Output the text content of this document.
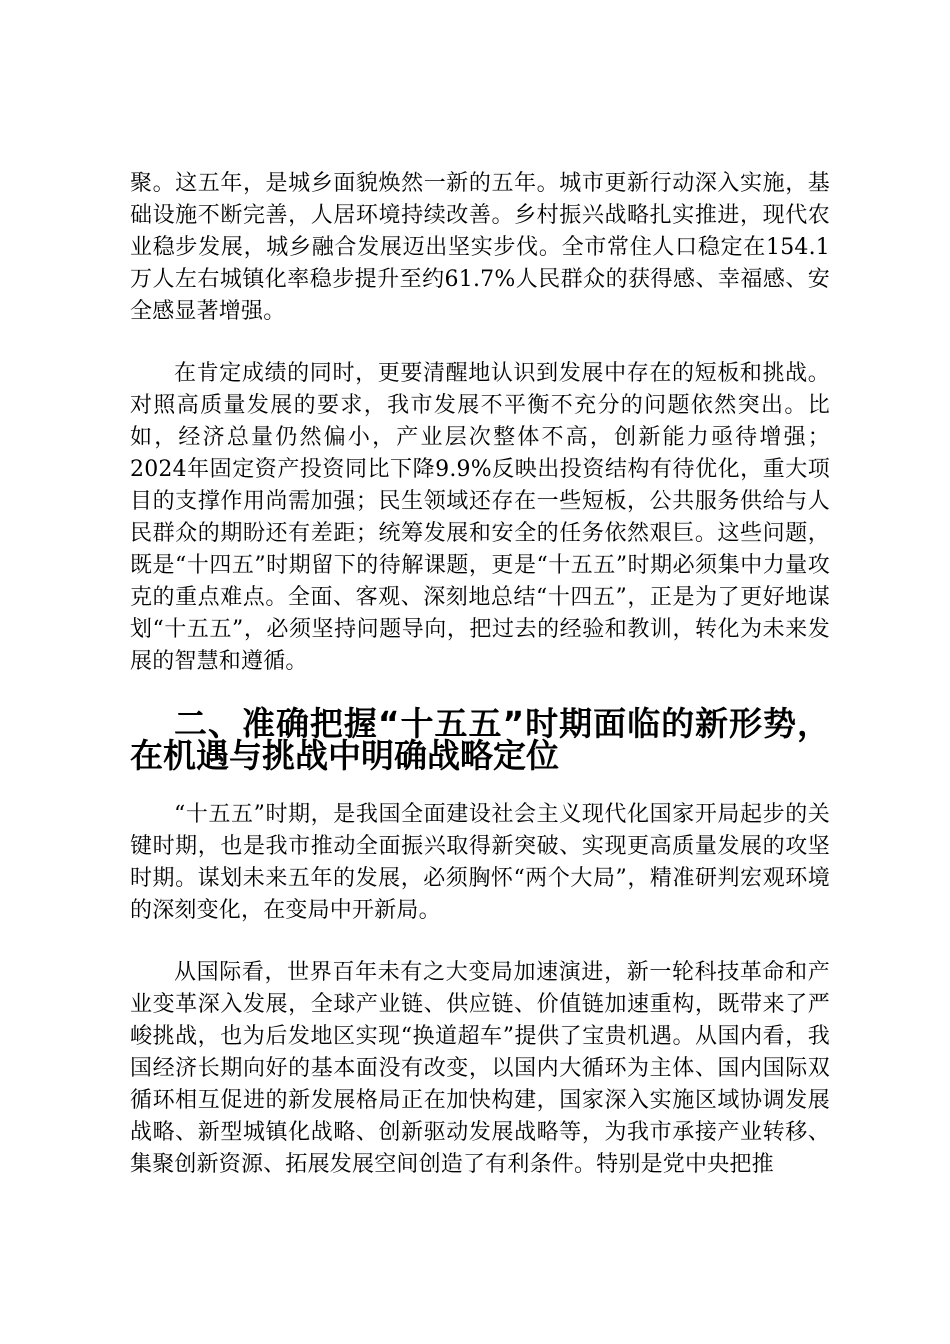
聚。这五年，是城乡面貌焕然一新的五年。城市更新行动深入实施，基础设施不断完善，人居环境持续改善。乡村振兴战略扎实推进，现代农业稳步发展，城乡融合发展迈出坚实步伐。全市常住人口稳定在154.1万人左右城镇化率稳步提升至约61.7%人民群众的获得感、幸福感、安全感显著增强。

在肯定成绩的同时，更要清醒地认识到发展中存在的短板和挑战。对照高质量发展的要求，我市发展不平衡不充分的问题依然突出。比如，经济总量仍然偏小，产业层次整体不高，创新能力亟待增强；2024年固定资产投资同比下降9.9%反映出投资结构有待优化，重大项目的支撑作用尚需加强；民生领域还存在一些短板，公共服务供给与人民群众的期盼还有差距；统筹发展和安全的任务依然艰巨。这些问题，既是“十四五”时期留下的待解课题，更是“十五五”时期必须集中力量攻克的重点难点。全面、客观、深刻地总结“十四五”，正是为了更好地谋划“十五五”，必须坚持问题导向，把过去的经验和教训，转化为未来发展的智慧和遵循。

二、准确把握“十五五”时期面临的新形势，在机遇与挑战中明确战略定位

“十五五”时期，是我国全面建设社会主义现代化国家开局起步的关键时期，也是我市推动全面振兴取得新突破、实现更高质量发展的攻坚时期。谋划未来五年的发展，必须胸怀“两个大局”，精准研判宏观环境的深刻变化，在变局中开新局。

从国际看，世界百年未有之大变局加速演进，新一轮科技革命和产业变革深入发展，全球产业链、供应链、价值链加速重构，既带来了严峻挑战，也为后发地区实现“换道超车”提供了宝贵机遇。从国内看，我国经济长期向好的基本面没有改变，以国内大循环为主体、国内国际双循环相互促进的新发展格局正在加快构建，国家深入实施区域协调发展战略、新型城镇化战略、创新驱动发展战略等，为我市承接产业转移、集聚创新资源、拓展发展空间创造了有利条件。特别是党中央把推
